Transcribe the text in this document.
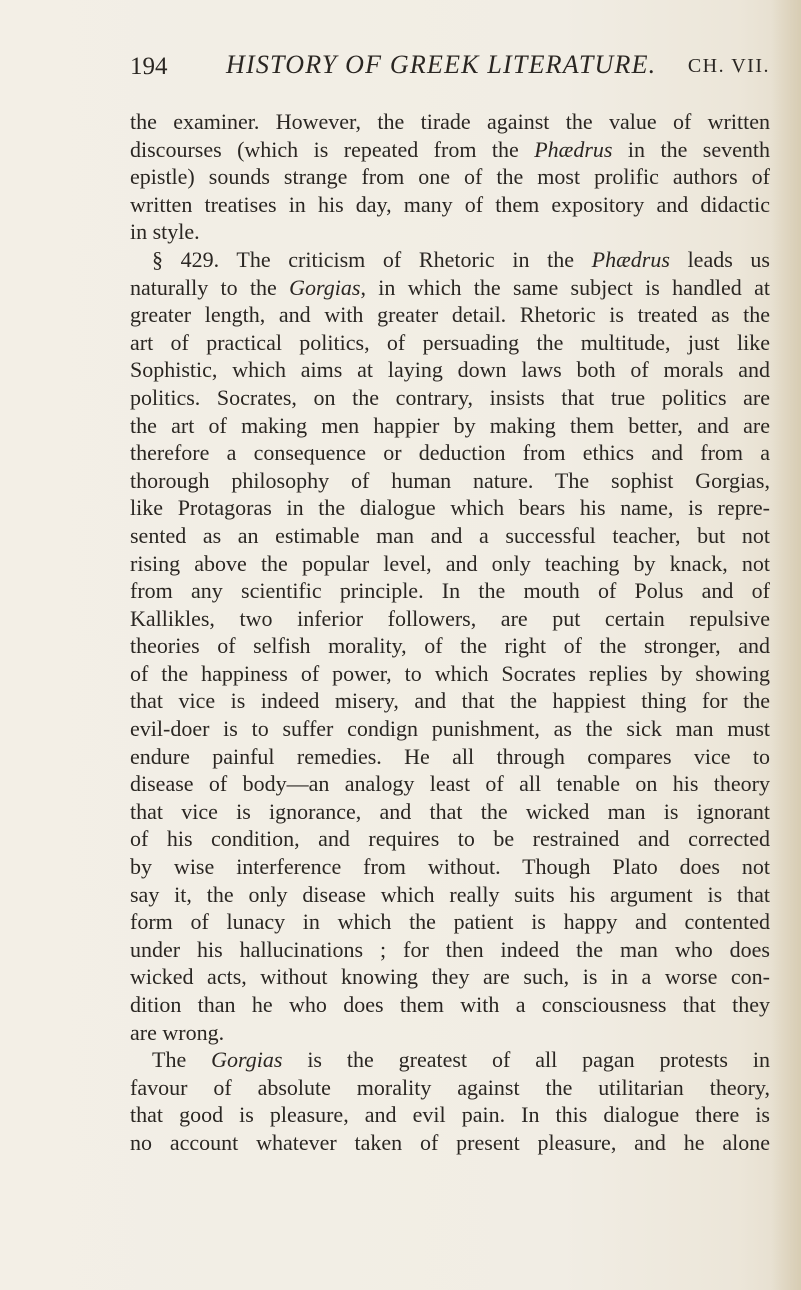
194 HISTORY OF GREEK LITERATURE. CH. VII.
the examiner. However, the tirade against the value of written
discourses (which is repeated from the Phædrus in the seventh
epistle) sounds strange from one of the most prolific authors of
written treatises in his day, many of them expository and didactic
in style.
§ 429. The criticism of Rhetoric in the Phædrus leads us
naturally to the Gorgias, in which the same subject is handled at
greater length, and with greater detail. Rhetoric is treated as the
art of practical politics, of persuading the multitude, just like
Sophistic, which aims at laying down laws both of morals and
politics. Socrates, on the contrary, insists that true politics are
the art of making men happier by making them better, and are
therefore a consequence or deduction from ethics and from a
thorough philosophy of human nature. The sophist Gorgias,
like Protagoras in the dialogue which bears his name, is repre-
sented as an estimable man and a successful teacher, but not
rising above the popular level, and only teaching by knack, not
from any scientific principle. In the mouth of Polus and of
Kallikles, two inferior followers, are put certain repulsive
theories of selfish morality, of the right of the stronger, and
of the happiness of power, to which Socrates replies by showing
that vice is indeed misery, and that the happiest thing for the
evil-doer is to suffer condign punishment, as the sick man must
endure painful remedies. He all through compares vice to
disease of body—an analogy least of all tenable on his theory
that vice is ignorance, and that the wicked man is ignorant
of his condition, and requires to be restrained and corrected
by wise interference from without. Though Plato does not
say it, the only disease which really suits his argument is that
form of lunacy in which the patient is happy and contented
under his hallucinations ; for then indeed the man who does
wicked acts, without knowing they are such, is in a worse con-
dition than he who does them with a consciousness that they
are wrong.
The Gorgias is the greatest of all pagan protests in
favour of absolute morality against the utilitarian theory,
that good is pleasure, and evil pain. In this dialogue there is
no account whatever taken of present pleasure, and he alone
